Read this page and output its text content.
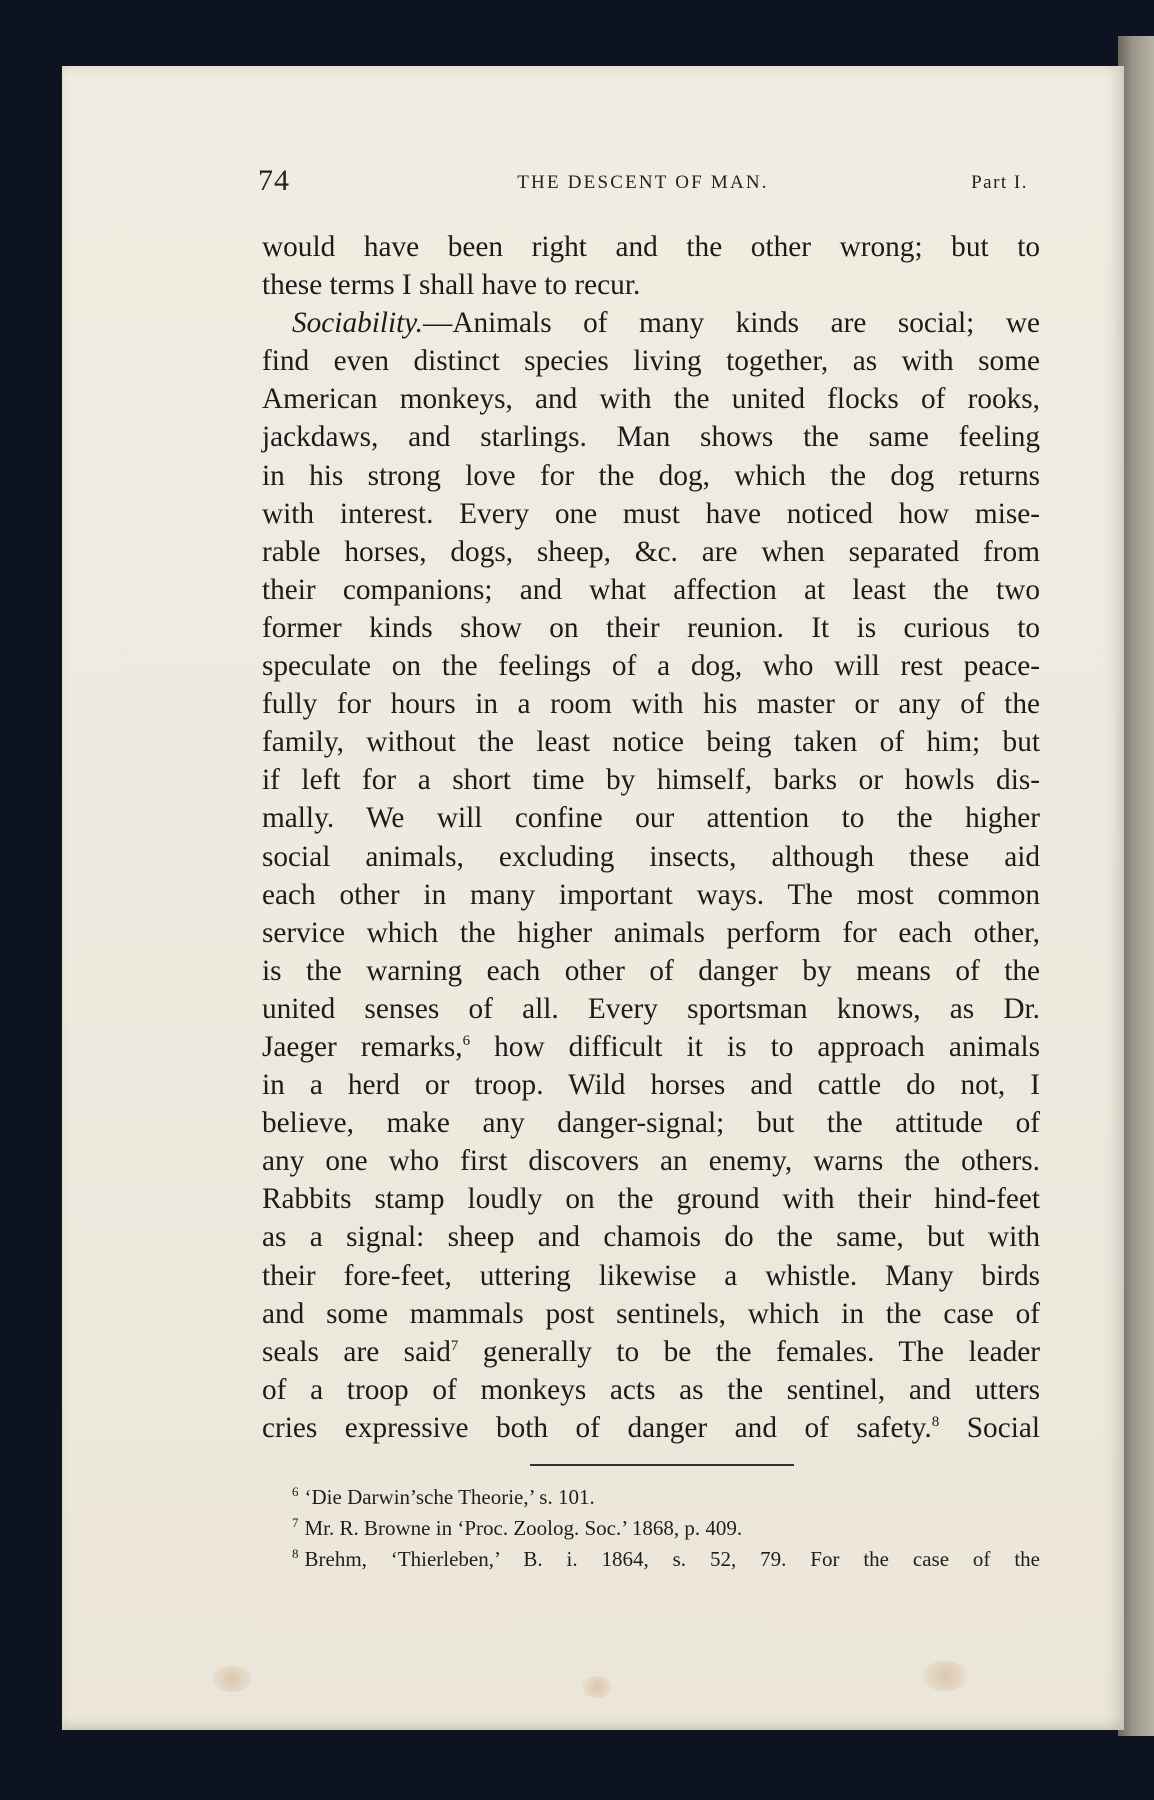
74	THE DESCENT OF MAN.	Part I.
would have been right and the other wrong; but to
these terms I shall have to recur.
Sociability.—Animals of many kinds are social; we
find even distinct species living together, as with some
American monkeys, and with the united flocks of rooks,
jackdaws, and starlings. Man shows the same feeling
in his strong love for the dog, which the dog returns
with interest. Every one must have noticed how mise-
rable horses, dogs, sheep, &c. are when separated from
their companions; and what affection at least the two
former kinds show on their reunion. It is curious to
speculate on the feelings of a dog, who will rest peace-
fully for hours in a room with his master or any of the
family, without the least notice being taken of him; but
if left for a short time by himself, barks or howls dis-
mally. We will confine our attention to the higher
social animals, excluding insects, although these aid
each other in many important ways. The most common
service which the higher animals perform for each other,
is the warning each other of danger by means of the
united senses of all. Every sportsman knows, as Dr.
Jaeger remarks,$^6$ how difficult it is to approach animals
in a herd or troop. Wild horses and cattle do not, I
believe, make any danger-signal; but the attitude of
any one who first discovers an enemy, warns the others.
Rabbits stamp loudly on the ground with their hind-feet
as a signal: sheep and chamois do the same, but with
their fore-feet, uttering likewise a whistle. Many birds
and some mammals post sentinels, which in the case of
seals are said$^7$ generally to be the females. The leader
of a troop of monkeys acts as the sentinel, and utters
cries expressive both of danger and of safety.$^8$ Social
$^6$ ‘Die Darwin’sche Theorie,’ s. 101.
$^7$ Mr. R. Browne in ‘Proc. Zoolog. Soc.’ 1868, p. 409.
$^8$ Brehm, ‘Thierleben,’ B. i. 1864, s. 52, 79. For the case of the
